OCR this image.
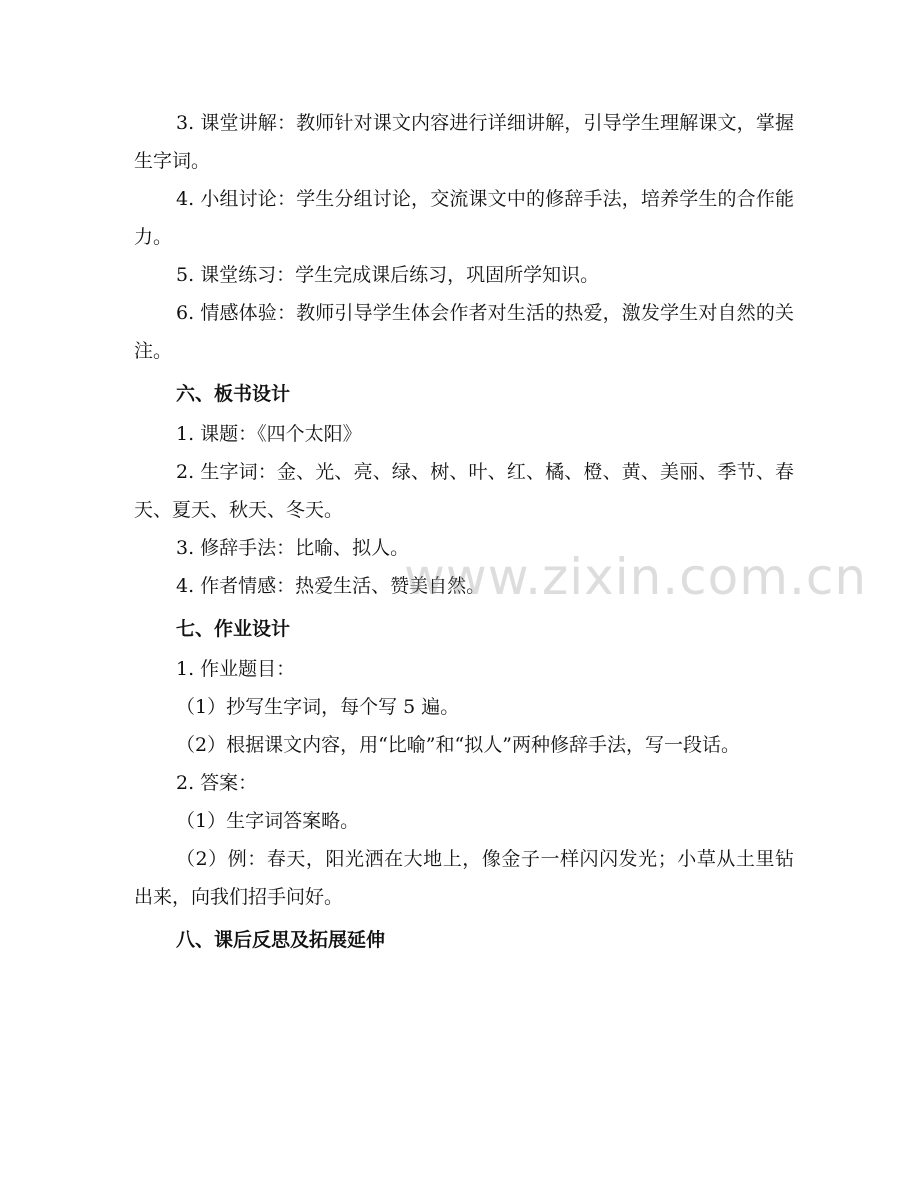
3. 课堂讲解：教师针对课文内容进行详细讲解，引导学生理解课文，掌握生字词。

4. 小组讨论：学生分组讨论，交流课文中的修辞手法，培养学生的合作能力。

5. 课堂练习：学生完成课后练习，巩固所学知识。

6. 情感体验：教师引导学生体会作者对生活的热爱，激发学生对自然的关注。

六、板书设计

1. 课题：《四个太阳》

2. 生字词：金、光、亮、绿、树、叶、红、橘、橙、黄、美丽、季节、春天、夏天、秋天、冬天。

3. 修辞手法：比喻、拟人。

4. 作者情感：热爱生活、赞美自然。

七、作业设计

1. 作业题目：

（1）抄写生字词，每个写 5 遍。

（2）根据课文内容，用“比喻”和“拟人”两种修辞手法，写一段话。

2. 答案：

（1）生字词答案略。

（2）例：春天，阳光洒在大地上，像金子一样闪闪发光；小草从土里钻出来，向我们招手问好。

八、课后反思及拓展延伸
www.zixin.com.cn
